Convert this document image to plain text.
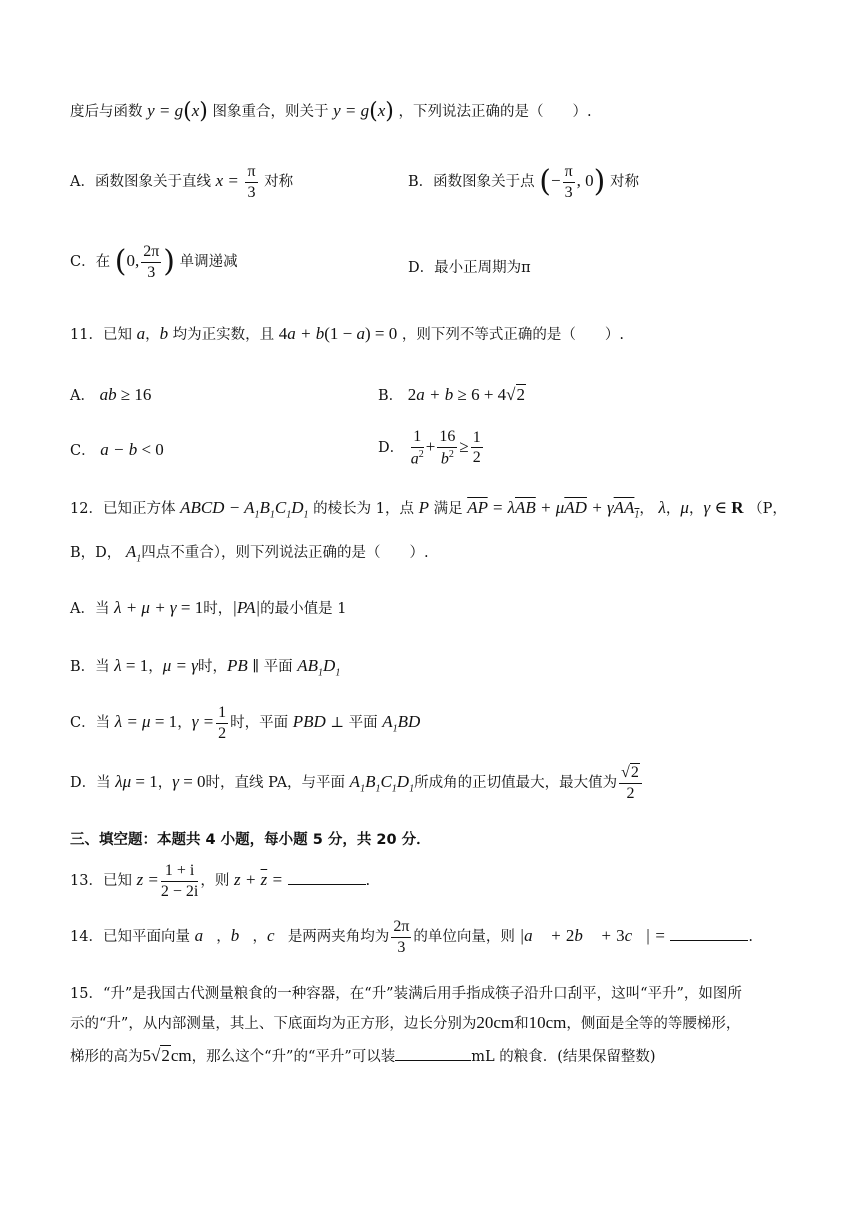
度后与函数 y = g(x) 图象重合，则关于 y = g(x) ，下列说法正确的是（　　）.
A．函数图象关于直线 $x = \frac{\pi}{3}$ 对称	B．函数图象关于点 (− $\frac{\pi}{3}$ , 0) 对称
C．在 (0, $\frac{2\pi}{3}$ ) 单调递减	D．最小正周期为π
11．已知 a，b 均为正实数，且 4a + b(1 − a) = 0 ，则下列不等式正确的是（　　）.
A． ab ≥ 16	B． 2a + b ≥ 6 + 4√2
C． a − b < 0	D． $\frac{1}{a^2} + \frac{16}{b^2} \ge \frac{1}{2}$
12．已知正方体 ABCD − $A_1B_1C_1D_1$ 的棱长为 1，点 P 满足 $\overline{AP} = \lambda\overline{AB} + \mu\overline{AD} + \gamma AA_1$， λ，μ，γ ∈ R （P，
B，D， $A_1$四点不重合），则下列说法正确的是（　　）.
A．当 λ + μ + γ = 1时，|PA|的最小值是 1
B．当 λ = 1，μ = γ时，PB ∥ 平面 $AB_1D_1$
C．当 λ = μ = 1，$\gamma = \frac{1}{2}$ 时，平面 PBD ⊥ 平面 $A_1BD$
D．当 λμ = 1，γ = 0时，直线 PA，与平面 $A_1B_1C_1D_1$所成角的正切值最大，最大值为 $\frac{√2}{2}$
三、填空题：本题共 4 小题，每小题 5 分，共 20 分．
13．已知 $z = \frac{1 + i}{2 - 2i}$ ，则 $z + \overline{z}$ =	.
14．已知平面向量 a⃗，b⃗，c⃗是两两夹角均为 $\frac{2\pi}{3}$ 的单位向量，则 |a⃗ + 2b⃗ + 3c⃗| =	.
15．“升”是我国古代测量粮食的一种容器，在“升”装满后用手指成筷子沿升口刮平，这叫“平升”，如图所
示的“升”，从内部测量，其上、下底面均为正方形，边长分别为20cm和10cm，侧面是全等的等腰梯形，
梯形的高为5√2cm，那么这个“升”的“平升”可以装	mL 的粮食．(结果保留整数)
